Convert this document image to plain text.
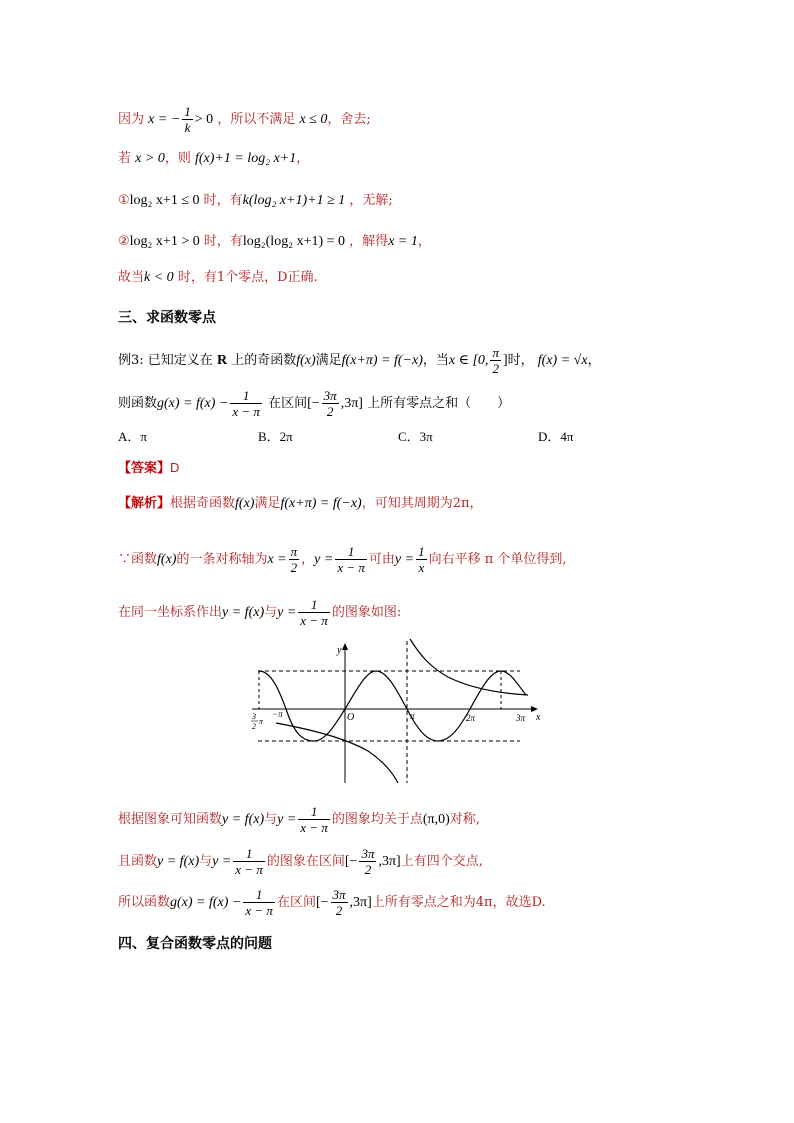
因为 x = − $\frac{1}{k} > 0$ ，所以不满足 x ≤ 0，舍去;
若 x > 0，则 f(x)+1 = log₂ x+1，
①log₂ x+1 ≤ 0 时，有k(log₂ x+1)+1 ≥ 1 ，无解;
②log₂ x+1 > 0 时，有log₂(log₂ x+1) = 0 ，解得x = 1，
故当k < 0 时，有1个零点，D正确.
三、求函数零点
例3: 已知定义在 R 上的奇函数f(x)满足f(x+π) = f(−x)，当x ∈ [0, $\frac{\pi}{2}$ ]时， f(x) = √x，
则函数$g(x) = f(x) - \frac{1}{x - \pi}$ 在区间[− $\frac{3\pi}{2} ,3\pi$] 上所有零点之和（　　）
A．π	B．2π	C．3π	D．4π
【答案】D
【解析】根据奇函数f(x)满足f(x+π) = f(−x)，可知其周期为2π，
∵函数f(x)的一条对称轴为$x = \frac{\pi}{2}$ ，$y = \frac{1}{x - \pi}$ 可由$y = \frac{1}{x}$ 向右平移 π 个单位得到,
在同一坐标系作出y = f(x)与$y = \frac{1}{x - \pi}$ 的图象如图:
y
x
O
−π	π	2π	3π
3
2
π
根据图象可知函数y = f(x)与$y = \frac{1}{x - \pi}$ 的图象均关于点(π,0)对称,
且函数y = f(x)与$y = \frac{1}{x - \pi}$ 的图象在区间[− $\frac{3\pi}{2} ,3\pi$]上有四个交点,
所以函数$g(x) = f(x) - \frac{1}{x - \pi}$ 在区间[− $\frac{3\pi}{2} ,3\pi$]上所有零点之和为4π，故选D.
四、复合函数零点的问题
